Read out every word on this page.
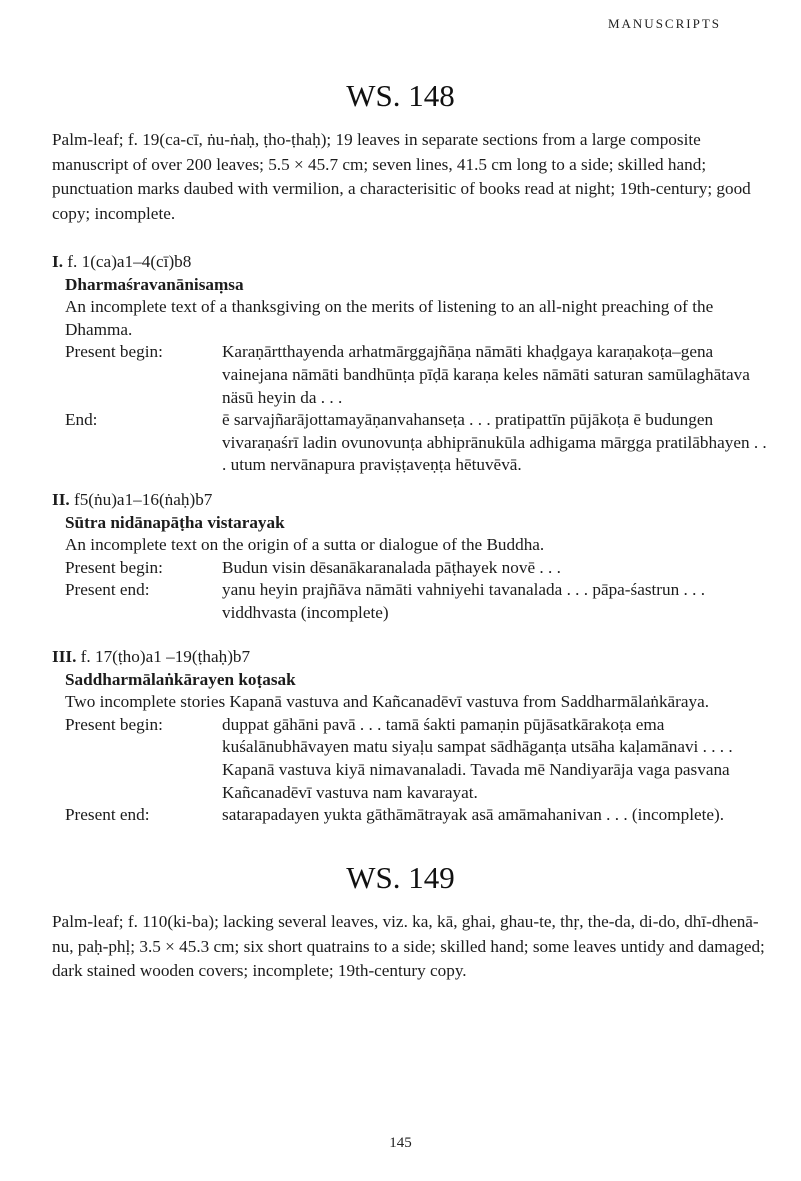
MANUSCRIPTS
WS. 148
Palm-leaf; f. 19(ca-cī, ṅu-ṅaḥ, ṭho-ṭhaḥ); 19 leaves in separate sections from a large composite manuscript of over 200 leaves; 5.5 × 45.7 cm; seven lines, 41.5 cm long to a side; skilled hand; punctuation marks daubed with vermilion, a characterisitic of books read at night; 19th-century; good copy; incomplete.
I. f. 1(ca)a1–4(cī)b8
Dharmaśravanānisaṃsa
An incomplete text of a thanksgiving on the merits of listening to an all-night preaching of the Dhamma.
Present begin:	Karaṇārtthayenda arhatmārggajñāṇa nāmāti khaḍgaya karaṇakoṭa–gena vainejana nāmāti bandhūnṭa pīḍā karaṇa keles nāmāti saturan samūlaghātava näsū heyin da . . .
End:	ē sarvajñarājottamayāṇanvahanseṭa . . . pratipattīn pūjākoṭa ē budungen vivaraṇaśrī ladin ovunovunṭa abhiprānukūla adhigama mārgga pratilābhayen . . . utum nervānapura praviṣṭaveṇṭa hētuvēvā.
II. f5(ṅu)a1–16(ṅaḥ)b7
Sūtra nidānapāṭha vistarayak
An incomplete text on the origin of a sutta or dialogue of the Buddha.
Present begin:	Budun visin dēsanākaranalada pāṭhayek novē . . .
Present end:	yanu heyin prajñāva nāmāti vahniyehi tavanalada . . . pāpa-śastrun . . . viddhvasta (incomplete)
III. f. 17(ṭho)a1 –19(ṭhaḥ)b7
Saddharmālaṅkārayen koṭasak
Two incomplete stories Kapanā vastuva and Kañcanadēvī vastuva from Saddharmālaṅkāraya.
Present begin:	duppat gāhāni pavā . . . tamā śakti pamaṇin pūjāsatkārakoṭa ema kuśalānubhāvayen matu siyaḷu sampat sādhāganṭa utsāha kaḷamānavi . . . . Kapanā vastuva kiyā nimavanaladi. Tavada mē Nandiyarāja vaga pasvana Kañcanadēvī vastuva nam kavarayat.
Present end:	satarapadayen yukta gāthāmātrayak asā amāmahanivan . . . (incomplete).
WS. 149
Palm-leaf; f. 110(ki-ba); lacking several leaves, viz. ka, kā, ghai, ghau-te, thṛ, the-da, di-do, dhī-dhenā-nu, paḥ-phḷ; 3.5 × 45.3 cm; six short quatrains to a side; skilled hand; some leaves untidy and damaged; dark stained wooden covers; incomplete; 19th-century copy.
145
